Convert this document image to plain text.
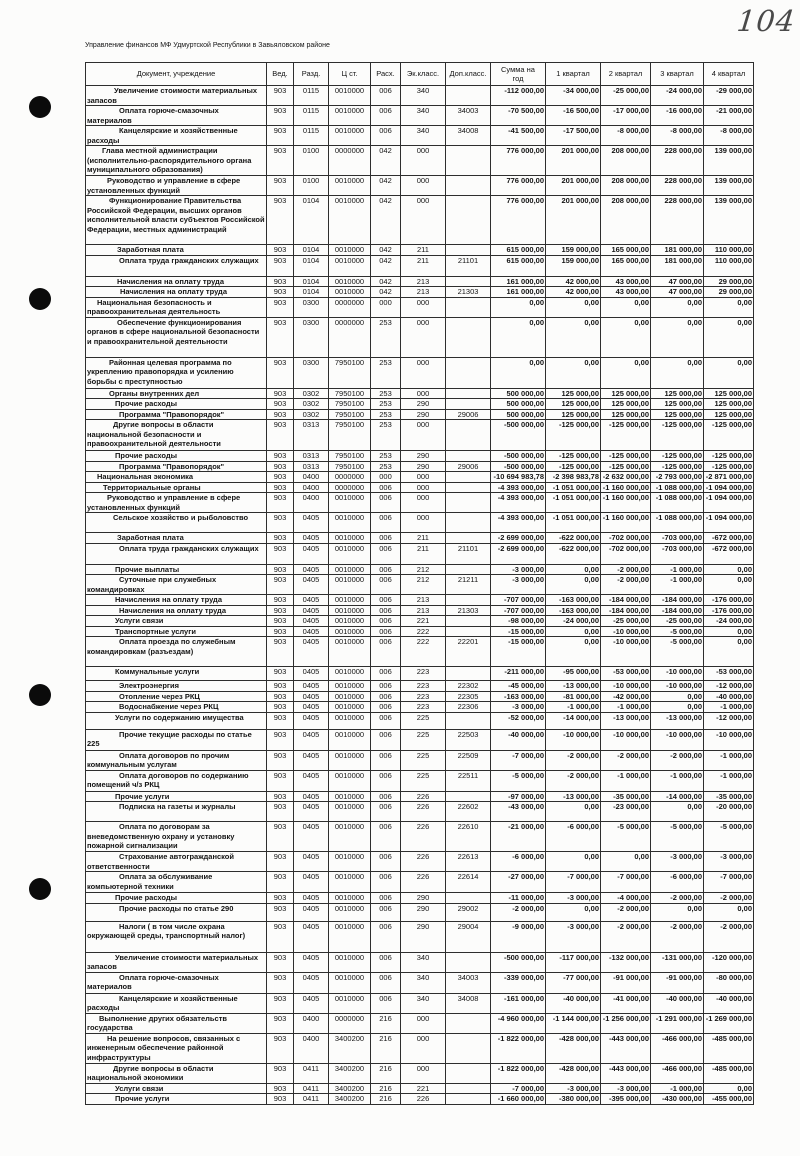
104
Управление финансов МФ Удмуртской Республики в Завьяловском районе
Документ, учреждение	Вед.	Разд.	Ц ст.	Расх.	Эк.класс.	Доп.класс.	Сумма на год	1 квартал	2 квартал	3 квартал	4 квартал
Увеличение стоимости материальных запасов	903	0115	0010000	006	340		-112 000,00	-34 000,00	-25 000,00	-24 000,00	-29 000,00
Оплата горюче-смазочных материалов	903	0115	0010000	006	340	34003	-70 500,00	-16 500,00	-17 000,00	-16 000,00	-21 000,00
Канцелярские и хозяйственные расходы	903	0115	0010000	006	340	34008	-41 500,00	-17 500,00	-8 000,00	-8 000,00	-8 000,00
Глава местной администрации (исполнительно-распорядительного органа муниципального образования)	903	0100	0000000	042	000		776 000,00	201 000,00	208 000,00	228 000,00	139 000,00
Руководство и управление в сфере установленных функций	903	0100	0010000	042	000		776 000,00	201 000,00	208 000,00	228 000,00	139 000,00
Функционирование Правительства Российской Федерации, высших органов исполнительной власти субъектов Российской Федерации, местных администраций	903	0104	0010000	042	000		776 000,00	201 000,00	208 000,00	228 000,00	139 000,00
Заработная плата	903	0104	0010000	042	211		615 000,00	159 000,00	165 000,00	181 000,00	110 000,00
Оплата труда гражданских служащих	903	0104	0010000	042	211	21101	615 000,00	159 000,00	165 000,00	181 000,00	110 000,00
Начисления на оплату труда	903	0104	0010000	042	213		161 000,00	42 000,00	43 000,00	47 000,00	29 000,00
Начисления на оплату труда	903	0104	0010000	042	213	21303	161 000,00	42 000,00	43 000,00	47 000,00	29 000,00
Национальная безопасность и правоохранительная деятельность	903	0300	0000000	000	000		0,00	0,00	0,00	0,00	0,00
Обеспечение функционирования органов в сфере национальной безопасности и правоохранительной деятельности	903	0300	0000000	253	000		0,00	0,00	0,00	0,00	0,00
Районная целевая программа по укреплению правопорядка и усилению борьбы с преступностью	903	0300	7950100	253	000		0,00	0,00	0,00	0,00	0,00
Органы внутренних дел	903	0302	7950100	253	000		500 000,00	125 000,00	125 000,00	125 000,00	125 000,00
Прочие расходы	903	0302	7950100	253	290		500 000,00	125 000,00	125 000,00	125 000,00	125 000,00
Программа "Правопорядок"	903	0302	7950100	253	290	29006	500 000,00	125 000,00	125 000,00	125 000,00	125 000,00
Другие вопросы в области национальной безопасности и правоохранительной деятельности	903	0313	7950100	253	000		-500 000,00	-125 000,00	-125 000,00	-125 000,00	-125 000,00
Прочие расходы	903	0313	7950100	253	290		-500 000,00	-125 000,00	-125 000,00	-125 000,00	-125 000,00
Программа "Правопорядок"	903	0313	7950100	253	290	29006	-500 000,00	-125 000,00	-125 000,00	-125 000,00	-125 000,00
Национальная экономика	903	0400	0000000	000	000		-10 694 983,78	-2 398 983,78	-2 632 000,00	-2 793 000,00	-2 871 000,00
Территориальные органы	903	0400	0000000	006	000		-4 393 000,00	-1 051 000,00	-1 160 000,00	-1 088 000,00	-1 094 000,00
Руководство и управление в сфере установленных функций	903	0400	0010000	006	000		-4 393 000,00	-1 051 000,00	-1 160 000,00	-1 088 000,00	-1 094 000,00
Сельское хозяйство и рыболовство	903	0405	0010000	006	000		-4 393 000,00	-1 051 000,00	-1 160 000,00	-1 088 000,00	-1 094 000,00
Заработная плата	903	0405	0010000	006	211		-2 699 000,00	-622 000,00	-702 000,00	-703 000,00	-672 000,00
Оплата труда гражданских служащих	903	0405	0010000	006	211	21101	-2 699 000,00	-622 000,00	-702 000,00	-703 000,00	-672 000,00
Прочие выплаты	903	0405	0010000	006	212		-3 000,00	0,00	-2 000,00	-1 000,00	0,00
Суточные при служебных командировках	903	0405	0010000	006	212	21211	-3 000,00	0,00	-2 000,00	-1 000,00	0,00
Начисления на оплату труда	903	0405	0010000	006	213		-707 000,00	-163 000,00	-184 000,00	-184 000,00	-176 000,00
Начисления на оплату труда	903	0405	0010000	006	213	21303	-707 000,00	-163 000,00	-184 000,00	-184 000,00	-176 000,00
Услуги связи	903	0405	0010000	006	221		-98 000,00	-24 000,00	-25 000,00	-25 000,00	-24 000,00
Транспортные услуги	903	0405	0010000	006	222		-15 000,00	0,00	-10 000,00	-5 000,00	0,00
Оплата проезда по служебным командировкам (разъездам)	903	0405	0010000	006	222	22201	-15 000,00	0,00	-10 000,00	-5 000,00	0,00
Коммунальные услуги	903	0405	0010000	006	223		-211 000,00	-95 000,00	-53 000,00	-10 000,00	-53 000,00
Электроэнергия	903	0405	0010000	006	223	22302	-45 000,00	-13 000,00	-10 000,00	-10 000,00	-12 000,00
Отопление через РКЦ	903	0405	0010000	006	223	22305	-163 000,00	-81 000,00	-42 000,00	0,00	-40 000,00
Водоснабжение через РКЦ	903	0405	0010000	006	223	22306	-3 000,00	-1 000,00	-1 000,00	0,00	-1 000,00
Услуги по содержанию имущества	903	0405	0010000	006	225		-52 000,00	-14 000,00	-13 000,00	-13 000,00	-12 000,00
Прочие текущие расходы по статье 225	903	0405	0010000	006	225	22503	-40 000,00	-10 000,00	-10 000,00	-10 000,00	-10 000,00
Оплата договоров по прочим коммунальным услугам	903	0405	0010000	006	225	22509	-7 000,00	-2 000,00	-2 000,00	-2 000,00	-1 000,00
Оплата договоров по содержанию помещений ч/з РКЦ	903	0405	0010000	006	225	22511	-5 000,00	-2 000,00	-1 000,00	-1 000,00	-1 000,00
Прочие услуги	903	0405	0010000	006	226		-97 000,00	-13 000,00	-35 000,00	-14 000,00	-35 000,00
Подписка на газеты и журналы	903	0405	0010000	006	226	22602	-43 000,00	0,00	-23 000,00	0,00	-20 000,00
Оплата по договорам за вневедомственную охрану и установку пожарной сигнализации	903	0405	0010000	006	226	22610	-21 000,00	-6 000,00	-5 000,00	-5 000,00	-5 000,00
Страхование автогражданской ответственности	903	0405	0010000	006	226	22613	-6 000,00	0,00	0,00	-3 000,00	-3 000,00
Оплата за обслуживание компьютерной техники	903	0405	0010000	006	226	22614	-27 000,00	-7 000,00	-7 000,00	-6 000,00	-7 000,00
Прочие расходы	903	0405	0010000	006	290		-11 000,00	-3 000,00	-4 000,00	-2 000,00	-2 000,00
Прочие расходы по статье 290	903	0405	0010000	006	290	29002	-2 000,00	0,00	-2 000,00	0,00	0,00
Налоги ( в том числе охрана окружающей среды, транспортный налог)	903	0405	0010000	006	290	29004	-9 000,00	-3 000,00	-2 000,00	-2 000,00	-2 000,00
Увеличение стоимости материальных запасов	903	0405	0010000	006	340		-500 000,00	-117 000,00	-132 000,00	-131 000,00	-120 000,00
Оплата горюче-смазочных материалов	903	0405	0010000	006	340	34003	-339 000,00	-77 000,00	-91 000,00	-91 000,00	-80 000,00
Канцелярские и хозяйственные расходы	903	0405	0010000	006	340	34008	-161 000,00	-40 000,00	-41 000,00	-40 000,00	-40 000,00
Выполнение других обязательств государства	903	0400	0000000	216	000		-4 960 000,00	-1 144 000,00	-1 256 000,00	-1 291 000,00	-1 269 000,00
На решение вопросов, связанных с инженерным обеспечение районной инфраструктуры	903	0400	3400200	216	000		-1 822 000,00	-428 000,00	-443 000,00	-466 000,00	-485 000,00
Другие вопросы в области национальной экономики	903	0411	3400200	216	000		-1 822 000,00	-428 000,00	-443 000,00	-466 000,00	-485 000,00
Услуги связи	903	0411	3400200	216	221		-7 000,00	-3 000,00	-3 000,00	-1 000,00	0,00
Прочие услуги	903	0411	3400200	216	226		-1 660 000,00	-380 000,00	-395 000,00	-430 000,00	-455 000,00
